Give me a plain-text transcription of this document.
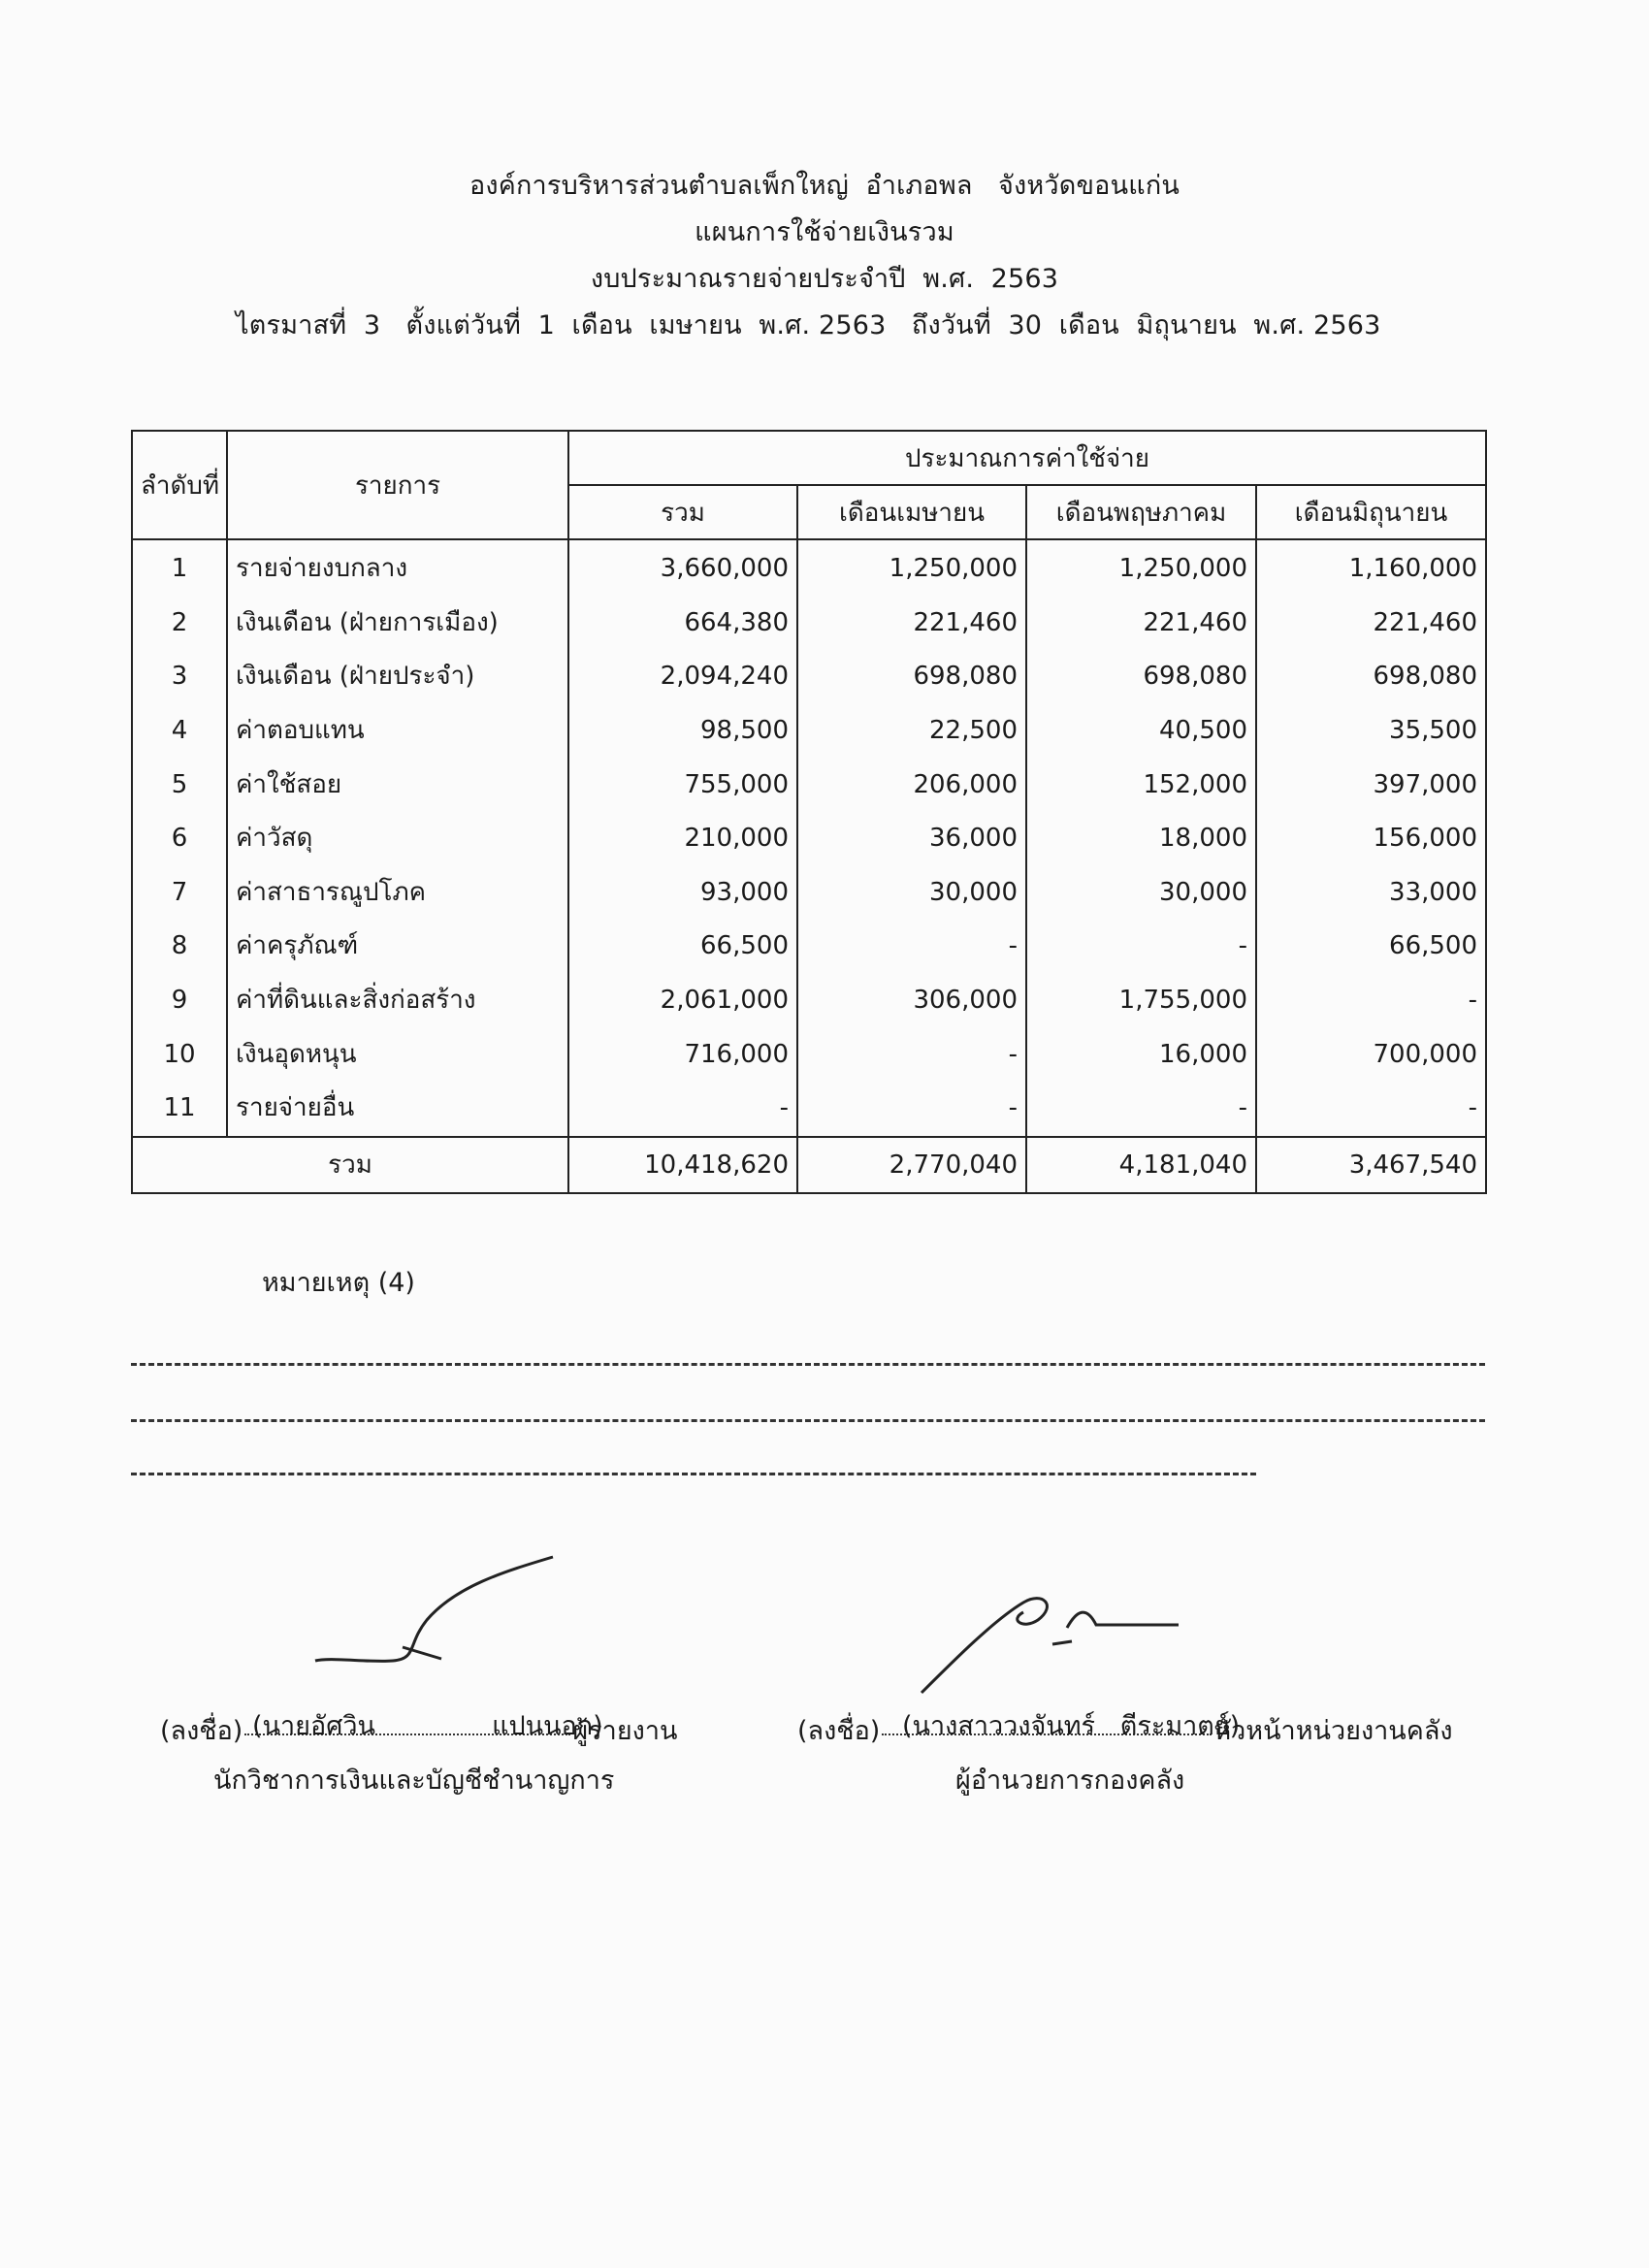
องค์การบริหารส่วนตำบลเพ็กใหญ่  อำเภอพล   จังหวัดขอนแก่น
แผนการใช้จ่ายเงินรวม
งบประมาณรายจ่ายประจำปี  พ.ศ.  2563
ไตรมาสที่  3   ตั้งแต่วันที่  1  เดือน  เมษายน  พ.ศ. 2563   ถึงวันที่  30  เดือน  มิถุนายน  พ.ศ. 2563
ลำดับที่	รายการ	ประมาณการค่าใช้จ่าย			
		รวม	เดือนเมษายน	เดือนพฤษภาคม	เดือนมิถุนายน
1	รายจ่ายงบกลาง	3,660,000	1,250,000	1,250,000	1,160,000
2	เงินเดือน (ฝ่ายการเมือง)	664,380	221,460	221,460	221,460
3	เงินเดือน (ฝ่ายประจำ)	2,094,240	698,080	698,080	698,080
4	ค่าตอบแทน	98,500	22,500	40,500	35,500
5	ค่าใช้สอย	755,000	206,000	152,000	397,000
6	ค่าวัสดุ	210,000	36,000	18,000	156,000
7	ค่าสาธารณูปโภค	93,000	30,000	30,000	33,000
8	ค่าครุภัณฑ์	66,500	-	-	66,500
9	ค่าที่ดินและสิ่งก่อสร้าง	2,061,000	306,000	1,755,000	-
10	เงินอุดหนุน	716,000	-	16,000	700,000
11	รายจ่ายอื่น	-	-	-	-
รวม		10,418,620	2,770,040	4,181,040	3,467,540
หมายเหตุ (4)

(ลงชื่อ)	ผู้รายงาน

(นายอัศวิน              แปนนอก)
นักวิชาการเงินและบัญชีชำนาญการ

(ลงชื่อ)	หัวหน้าหน่วยงานคลัง

(นางสาววงจันทร์   ตีระมาตย์)
ผู้อำนวยการกองคลัง
